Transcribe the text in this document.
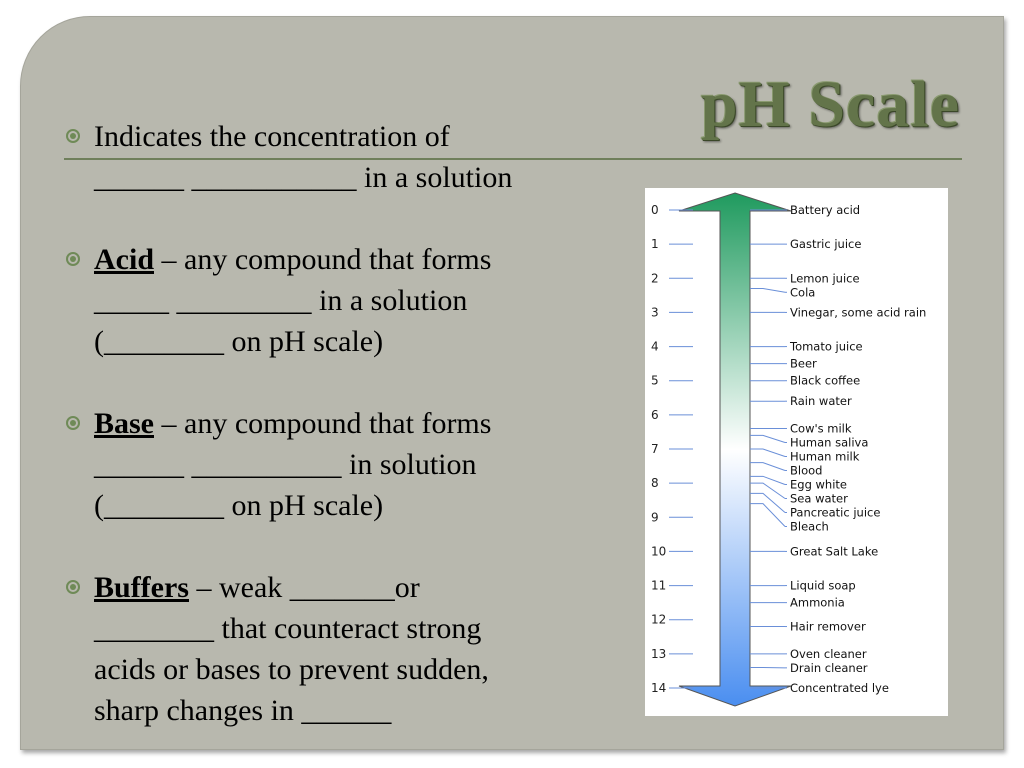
pH Scale
Indicates the concentration of
______ ___________ in a solution
Acid – any compound that forms
_____ _________ in a solution
(________ on pH scale)
Base – any compound that forms
______ __________ in solution
(________ on pH scale)
Buffers – weak _______or
________ that counteract strong
acids or bases to prevent sudden,
sharp changes in ______
0
1
2
3
4
5
6
7
8
9
10
11
12
13
14
Battery acid
Gastric juice
Lemon juice
Cola
Vinegar, some acid rain
Tomato juice
Beer
Black coffee
Rain water
Cow's milk
Human saliva
Human milk
Blood
Egg white
Sea water
Pancreatic juice
Bleach
Great Salt Lake
Liquid soap
Ammonia
Hair remover
Oven cleaner
Drain cleaner
Concentrated lye
